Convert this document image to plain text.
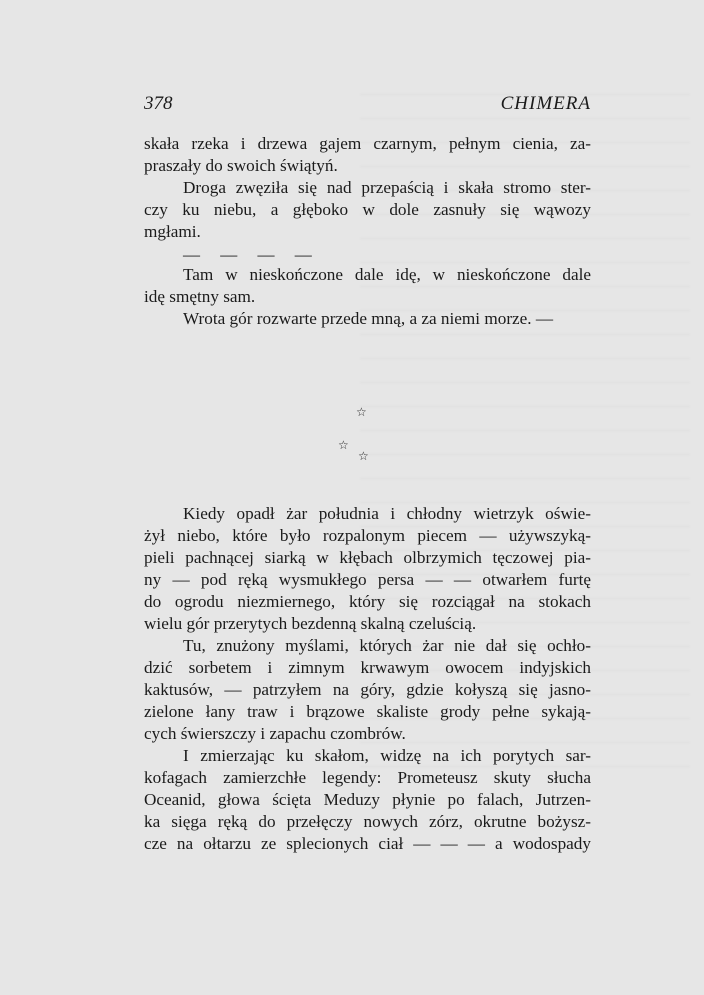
378	CHIMERA
skała rzeka i drzewa gajem czarnym, pełnym cienia, za-
praszały do swoich świątyń.
Droga zwęziła się nad przepaścią i skała stromo ster-
czy ku niebu, a głęboko w dole zasnuły się wąwozy
mgłami.
— — — —
Tam w nieskończone dale idę, w nieskończone dale
idę smętny sam.
Wrota gór rozwarte przede mną, a za niemi morze. —
☆
☆
☆
Kiedy opadł żar południa i chłodny wietrzyk oświe-
żył niebo, które było rozpalonym piecem — używszyką-
pieli pachnącej siarką w kłębach olbrzymich tęczowej pia-
ny — pod ręką wysmukłego persa — — otwarłem furtę
do ogrodu niezmiernego, który się rozciągał na stokach
wielu gór przerytych bezdenną skalną czeluścią.
Tu, znużony myślami, których żar nie dał się ochło-
dzić sorbetem i zimnym krwawym owocem indyjskich
kaktusów, — patrzyłem na góry, gdzie kołyszą się jasno-
zielone łany traw i brązowe skaliste grody pełne sykają-
cych świerszczy i zapachu czombrów.
I zmierzając ku skałom, widzę na ich porytych sar-
kofagach zamierzchłe legendy: Prometeusz skuty słucha
Oceanid, głowa ścięta Meduzy płynie po falach, Jutrzen-
ka sięga ręką do przełęczy nowych zórz, okrutne bożysz-
cze na ołtarzu ze splecionych ciał — — — a wodospady
